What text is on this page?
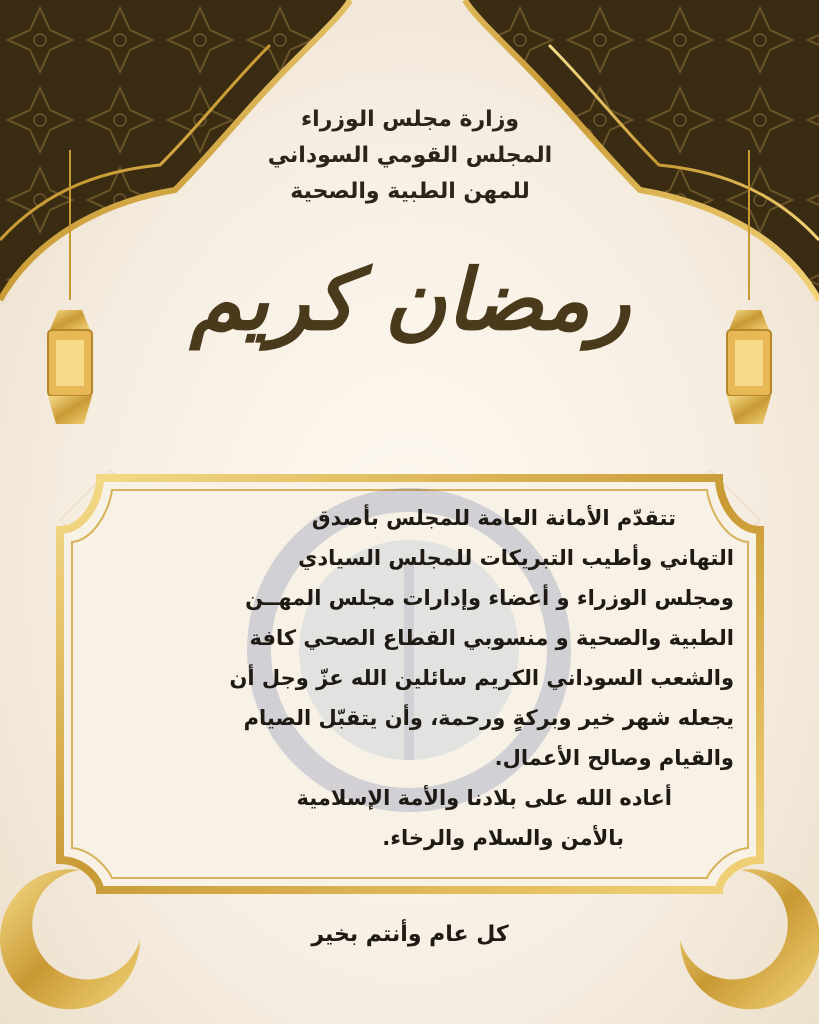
وزارة مجلس الوزراء
المجلس القومي السوداني
للمهن الطبية والصحية
رمضان كريم
تتقدّم الأمانة العامة للمجلس بأصدق
التهاني وأطيب التبريكات للمجلس السيادي
ومجلس الوزراء و أعضاء وإدارات مجلس المهــن
الطبية والصحية و منسوبي القطاع الصحي كافة
والشعب السوداني الكريم سائلين الله عزّ وجل أن
يجعله شهر خير وبركةٍ ورحمة، وأن يتقبّل الصيام
والقيام وصالح الأعمال.
أعاده الله على بلادنا والأمة الإسلامية
بالأمن والسلام والرخاء.
كل عام وأنتم بخير
